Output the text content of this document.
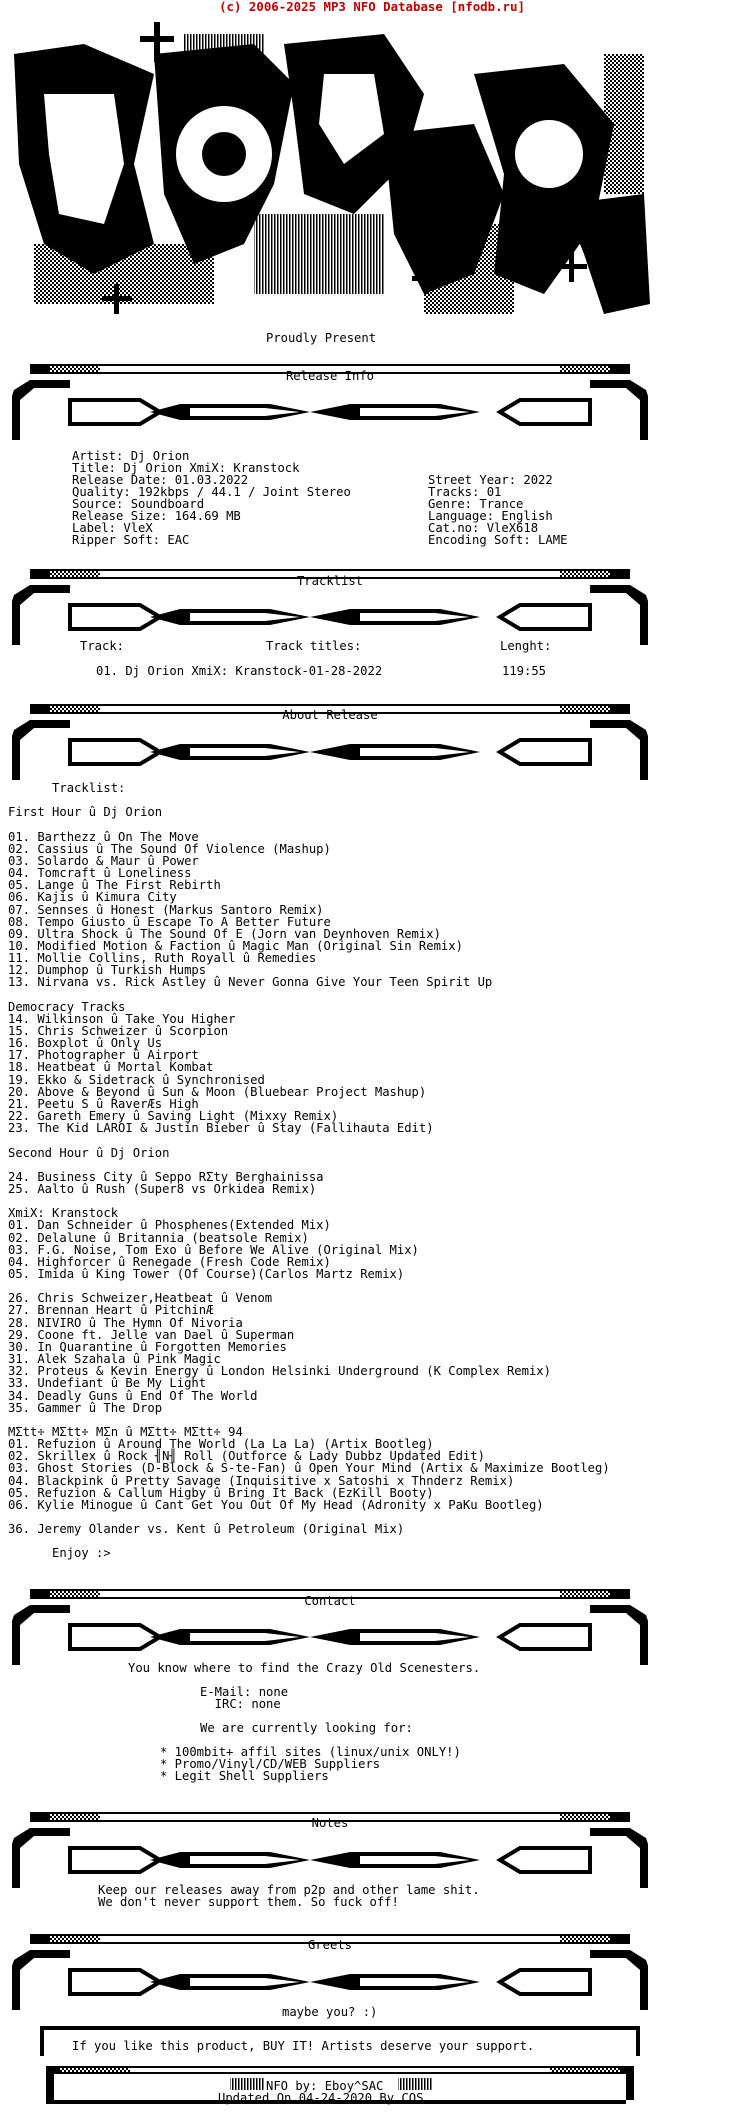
(c) 2006-2025 MP3 NFO Database [nfodb.ru]
Proudly Present
Release Info
Artist: Dj Orion
Title: Dj Orion XmiX: Kranstock
Release Date: 01.03.2022	Street Year: 2022
Quality: 192kbps / 44.1 / Joint Stereo	Tracks: 01
Source: Soundboard	Genre: Trance
Release Size: 164.69 MB	Language: English
Label: VleX	Cat.no: VleX618
Ripper Soft: EAC	Encoding Soft: LAME
Tracklist
Track:	Track titles:	Lenght:
01. Dj Orion XmiX: Kranstock-01-28-2022	119:55
About Release
Tracklist:
First Hour û Dj Orion
01. Barthezz û On The Move
02. Cassius û The Sound Of Violence (Mashup)
03. Solardo & Maur û Power
04. Tomcraft û Loneliness
05. Lange û The First Rebirth
06. Kajis û Kimura City
07. Sennses û Honest (Markus Santoro Remix)
08. Tempo Giusto û Escape To A Better Future
09. Ultra Shock û The Sound Of E (Jorn van Deynhoven Remix)
10. Modified Motion & Faction û Magic Man (Original Sin Remix)
11. Mollie Collins, Ruth Royall û Remedies
12. Dumphop û Turkish Humps
13. Nirvana vs. Rick Astley û Never Gonna Give Your Teen Spirit Up
Democracy Tracks
14. Wilkinson û Take You Higher
15. Chris Schweizer û Scorpion
16. Boxplot û Only Us
17. Photographer û Airport
18. Heatbeat û Mortal Kombat
19. Ekko & Sidetrack û Synchronised
20. Above & Beyond û Sun & Moon (Bluebear Project Mashup)
21. Peetu S û RaverÆs High
22. Gareth Emery û Saving Light (Mixxy Remix)
23. The Kid LAROI & Justin Bieber û Stay (Fallihauta Edit)
Second Hour û Dj Orion
24. Business City û Seppo RΣty Berghainissa
25. Aalto û Rush (Super8 vs Orkidea Remix)
XmiX: Kranstock
01. Dan Schneider û Phosphenes(Extended Mix)
02. Delalune û Britannia (beatsole Remix)
03. F.G. Noise, Tom Exo û Before We Alive (Original Mix)
04. Highforcer û Renegade (Fresh Code Remix)
05. Imida û King Tower (Of Course)(Carlos Martz Remix)
26. Chris Schweizer,Heatbeat û Venom
27. Brennan Heart û PitchinÆ
28. NIVIRO û The Hymn Of Nivoria
29. Coone ft. Jelle van Dael û Superman
30. In Quarantine û Forgotten Memories
31. Alek Szahala û Pink Magic
32. Proteus & Kevin Energy û London Helsinki Underground (K Complex Remix)
33. Undefiant û Be My Light
34. Deadly Guns û End Of The World
35. Gammer û The Drop
MΣtt÷ MΣtt÷ MΣn û MΣtt÷ MΣtt÷ 94
01. Refuzion û Around The World (La La La) (Artix Bootleg)
02. Skrillex û Rock ╢N╢ Roll (Outforce & Lady Dubbz Updated Edit)
03. Ghost Stories (D-Block & S-te-Fan) û Open Your Mind (Artix & Maximize Bootleg)
04. Blackpink û Pretty Savage (Inquisitive x Satoshi x Thnderz Remix)
05. Refuzion & Callum Higby û Bring It Back (EzKill Booty)
06. Kylie Minogue û Cant Get You Out Of My Head (Adronity x PaKu Bootleg)
36. Jeremy Olander vs. Kent û Petroleum (Original Mix)
Enjoy :>
Contact
You know where to find the Crazy Old Scenesters.
E-Mail: none
IRC: none
We are currently looking for:
* 100mbit+ affil sites (linux/unix ONLY!)
* Promo/Vinyl/CD/WEB Suppliers
* Legit Shell Suppliers
Notes
Keep our releases away from p2p and other lame shit.
We don't never support them. So fuck off!
Greets
maybe you? :)
If you like this product, BUY IT! Artists deserve your support.
NFO by: Eboy^SAC
Updated On 04-24-2020 By COS
